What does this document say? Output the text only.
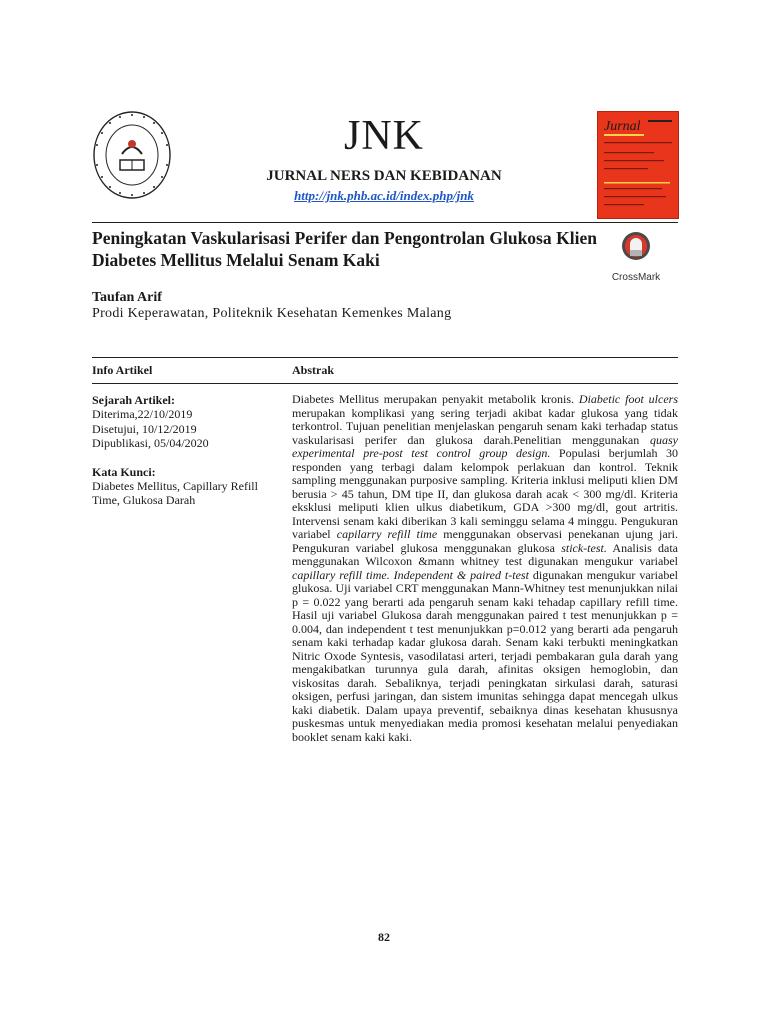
JNK
JURNAL NERS DAN KEBIDANAN
http://jnk.phb.ac.id/index.php/jnk
Jurnal
Peningkatan Vaskularisasi Perifer dan Pengontrolan Glukosa Klien Diabetes Mellitus Melalui Senam Kaki
CrossMark
Taufan Arif
Prodi Keperawatan, Politeknik Kesehatan Kemenkes Malang
Info Artikel	Abstrak
Sejarah Artikel:
Diterima,22/10/2019
Disetujui, 10/12/2019
Dipublikasi, 05/04/2020
Kata Kunci:
Diabetes Mellitus, Capillary Refill Time, Glukosa Darah
Diabetes Mellitus merupakan penyakit metabolik kronis. Diabetic foot ulcers merupakan komplikasi yang sering terjadi akibat kadar glukosa yang tidak terkontrol. Tujuan penelitian menjelaskan pengaruh senam kaki terhadap status vaskularisasi perifer dan glukosa darah.Penelitian menggunakan quasy experimental pre-post test control group design. Populasi berjumlah 30 responden yang terbagi dalam kelompok perlakuan dan kontrol. Teknik sampling menggunakan purposive sampling. Kriteria inklusi meliputi klien DM berusia > 45 tahun, DM tipe II, dan glukosa darah acak < 300 mg/dl. Kriteria eksklusi meliputi klien ulkus diabetikum, GDA >300 mg/dl, gout artritis. Intervensi senam kaki diberikan 3 kali seminggu selama 4 minggu. Pengukuran variabel capilarry refill time menggunakan observasi penekanan ujung jari. Pengukuran variabel glukosa menggunakan glukosa stick-test. Analisis data menggunakan Wilcoxon &mann whitney test digunakan mengukur variabel capillary refill time. Independent & paired t-test digunakan mengukur variabel glukosa. Uji variabel CRT menggunakan Mann-Whitney test menunjukkan nilai p = 0.022 yang berarti ada pengaruh senam kaki tehadap capillary refill time. Hasil uji variabel Glukosa darah menggunakan paired t test menunjukkan p = 0.004, dan independent t test menunjukkan p=0.012 yang berarti ada pengaruh senam kaki terhadap kadar glukosa darah. Senam kaki terbukti meningkatkan Nitric Oxode Syntesis, vasodilatasi arteri, terjadi pembakaran gula darah yang mengakibatkan turunnya gula darah, afinitas oksigen hemoglobin, dan viskositas darah. Sebaliknya, terjadi peningkatan sirkulasi darah, saturasi oksigen, perfusi jaringan, dan sistem imunitas sehingga dapat mencegah ulkus kaki diabetik. Dalam upaya preventif, sebaiknya dinas kesehatan khususnya puskesmas untuk menyediakan media promosi kesehatan melalui penyediakan booklet senam kaki kaki.
82
